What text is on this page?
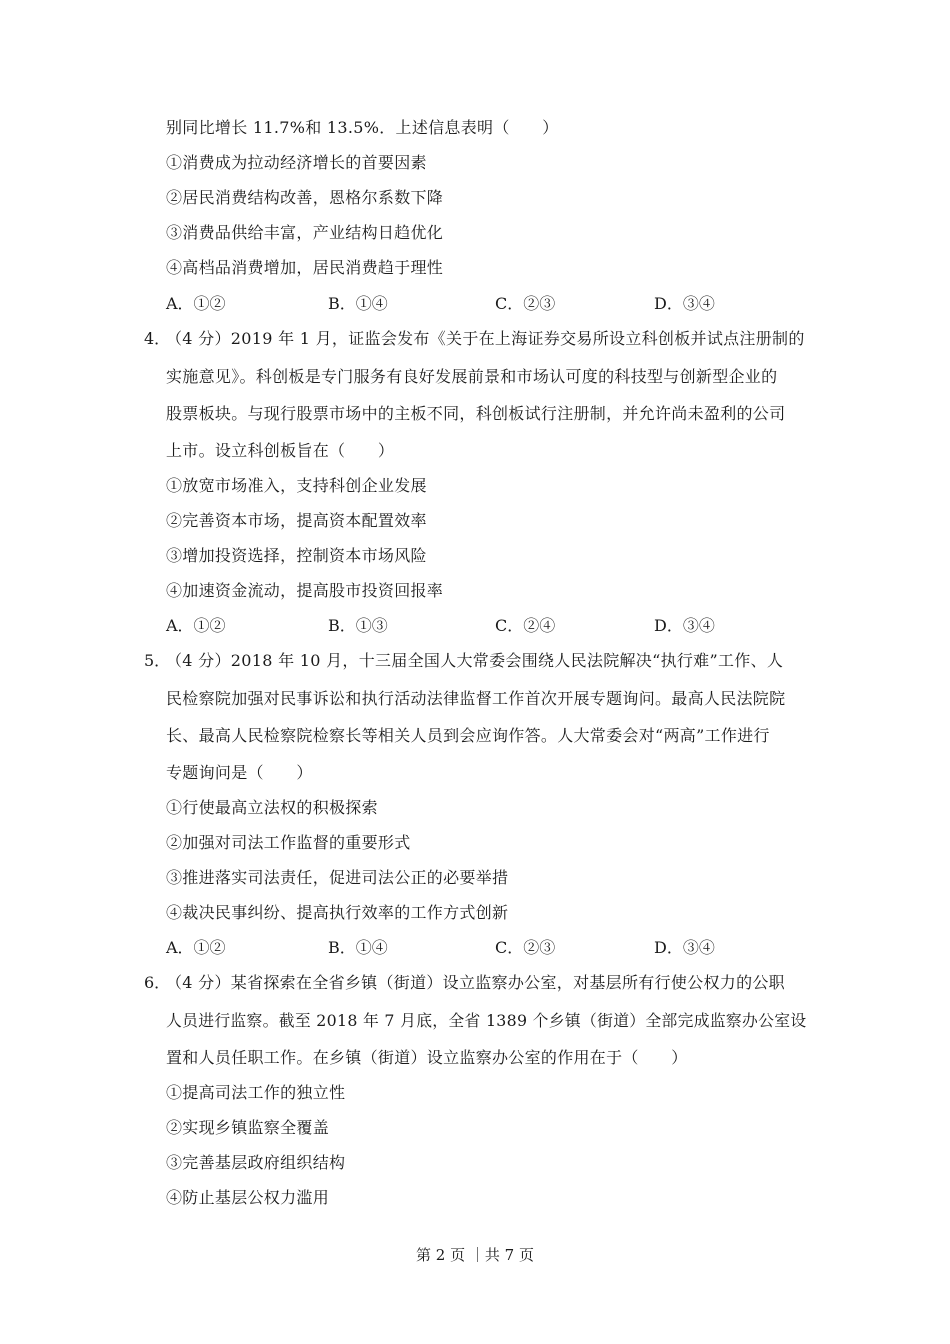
别同比增长 11.7%和 13.5%．上述信息表明（　　）
①消费成为拉动经济增长的首要因素
②居民消费结构改善，恩格尔系数下降
③消费品供给丰富，产业结构日趋优化
④高档品消费增加，居民消费趋于理性
A．①②	B．①④	C．②③	D．③④
4．
（4 分）2019 年 1 月，证监会发布《关于在上海证券交易所设立科创板并试点注册制的
实施意见》。科创板是专门服务有良好发展前景和市场认可度的科技型与创新型企业的
股票板块。与现行股票市场中的主板不同，科创板试行注册制，并允许尚未盈利的公司
上市。设立科创板旨在（　　）
①放宽市场准入，支持科创企业发展
②完善资本市场，提高资本配置效率
③增加投资选择，控制资本市场风险
④加速资金流动，提高股市投资回报率
A．①②	B．①③	C．②④	D．③④
5．
（4 分）2018 年 10 月，十三届全国人大常委会围绕人民法院解决“执行难”工作、人
民检察院加强对民事诉讼和执行活动法律监督工作首次开展专题询问。最高人民法院院
长、最高人民检察院检察长等相关人员到会应询作答。人大常委会对“两高”工作进行
专题询问是（　　）
①行使最高立法权的积极探索
②加强对司法工作监督的重要形式
③推进落实司法责任，促进司法公正的必要举措
④裁决民事纠纷、提高执行效率的工作方式创新
A．①②	B．①④	C．②③	D．③④
6．
（4 分）某省探索在全省乡镇（街道）设立监察办公室，对基层所有行使公权力的公职
人员进行监察。截至 2018 年 7 月底，全省 1389 个乡镇（街道）全部完成监察办公室设
置和人员任职工作。在乡镇（街道）设立监察办公室的作用在于（　　）
①提高司法工作的独立性
②实现乡镇监察全覆盖
③完善基层政府组织结构
④防止基层公权力滥用
第 2 页 ｜共 7 页
